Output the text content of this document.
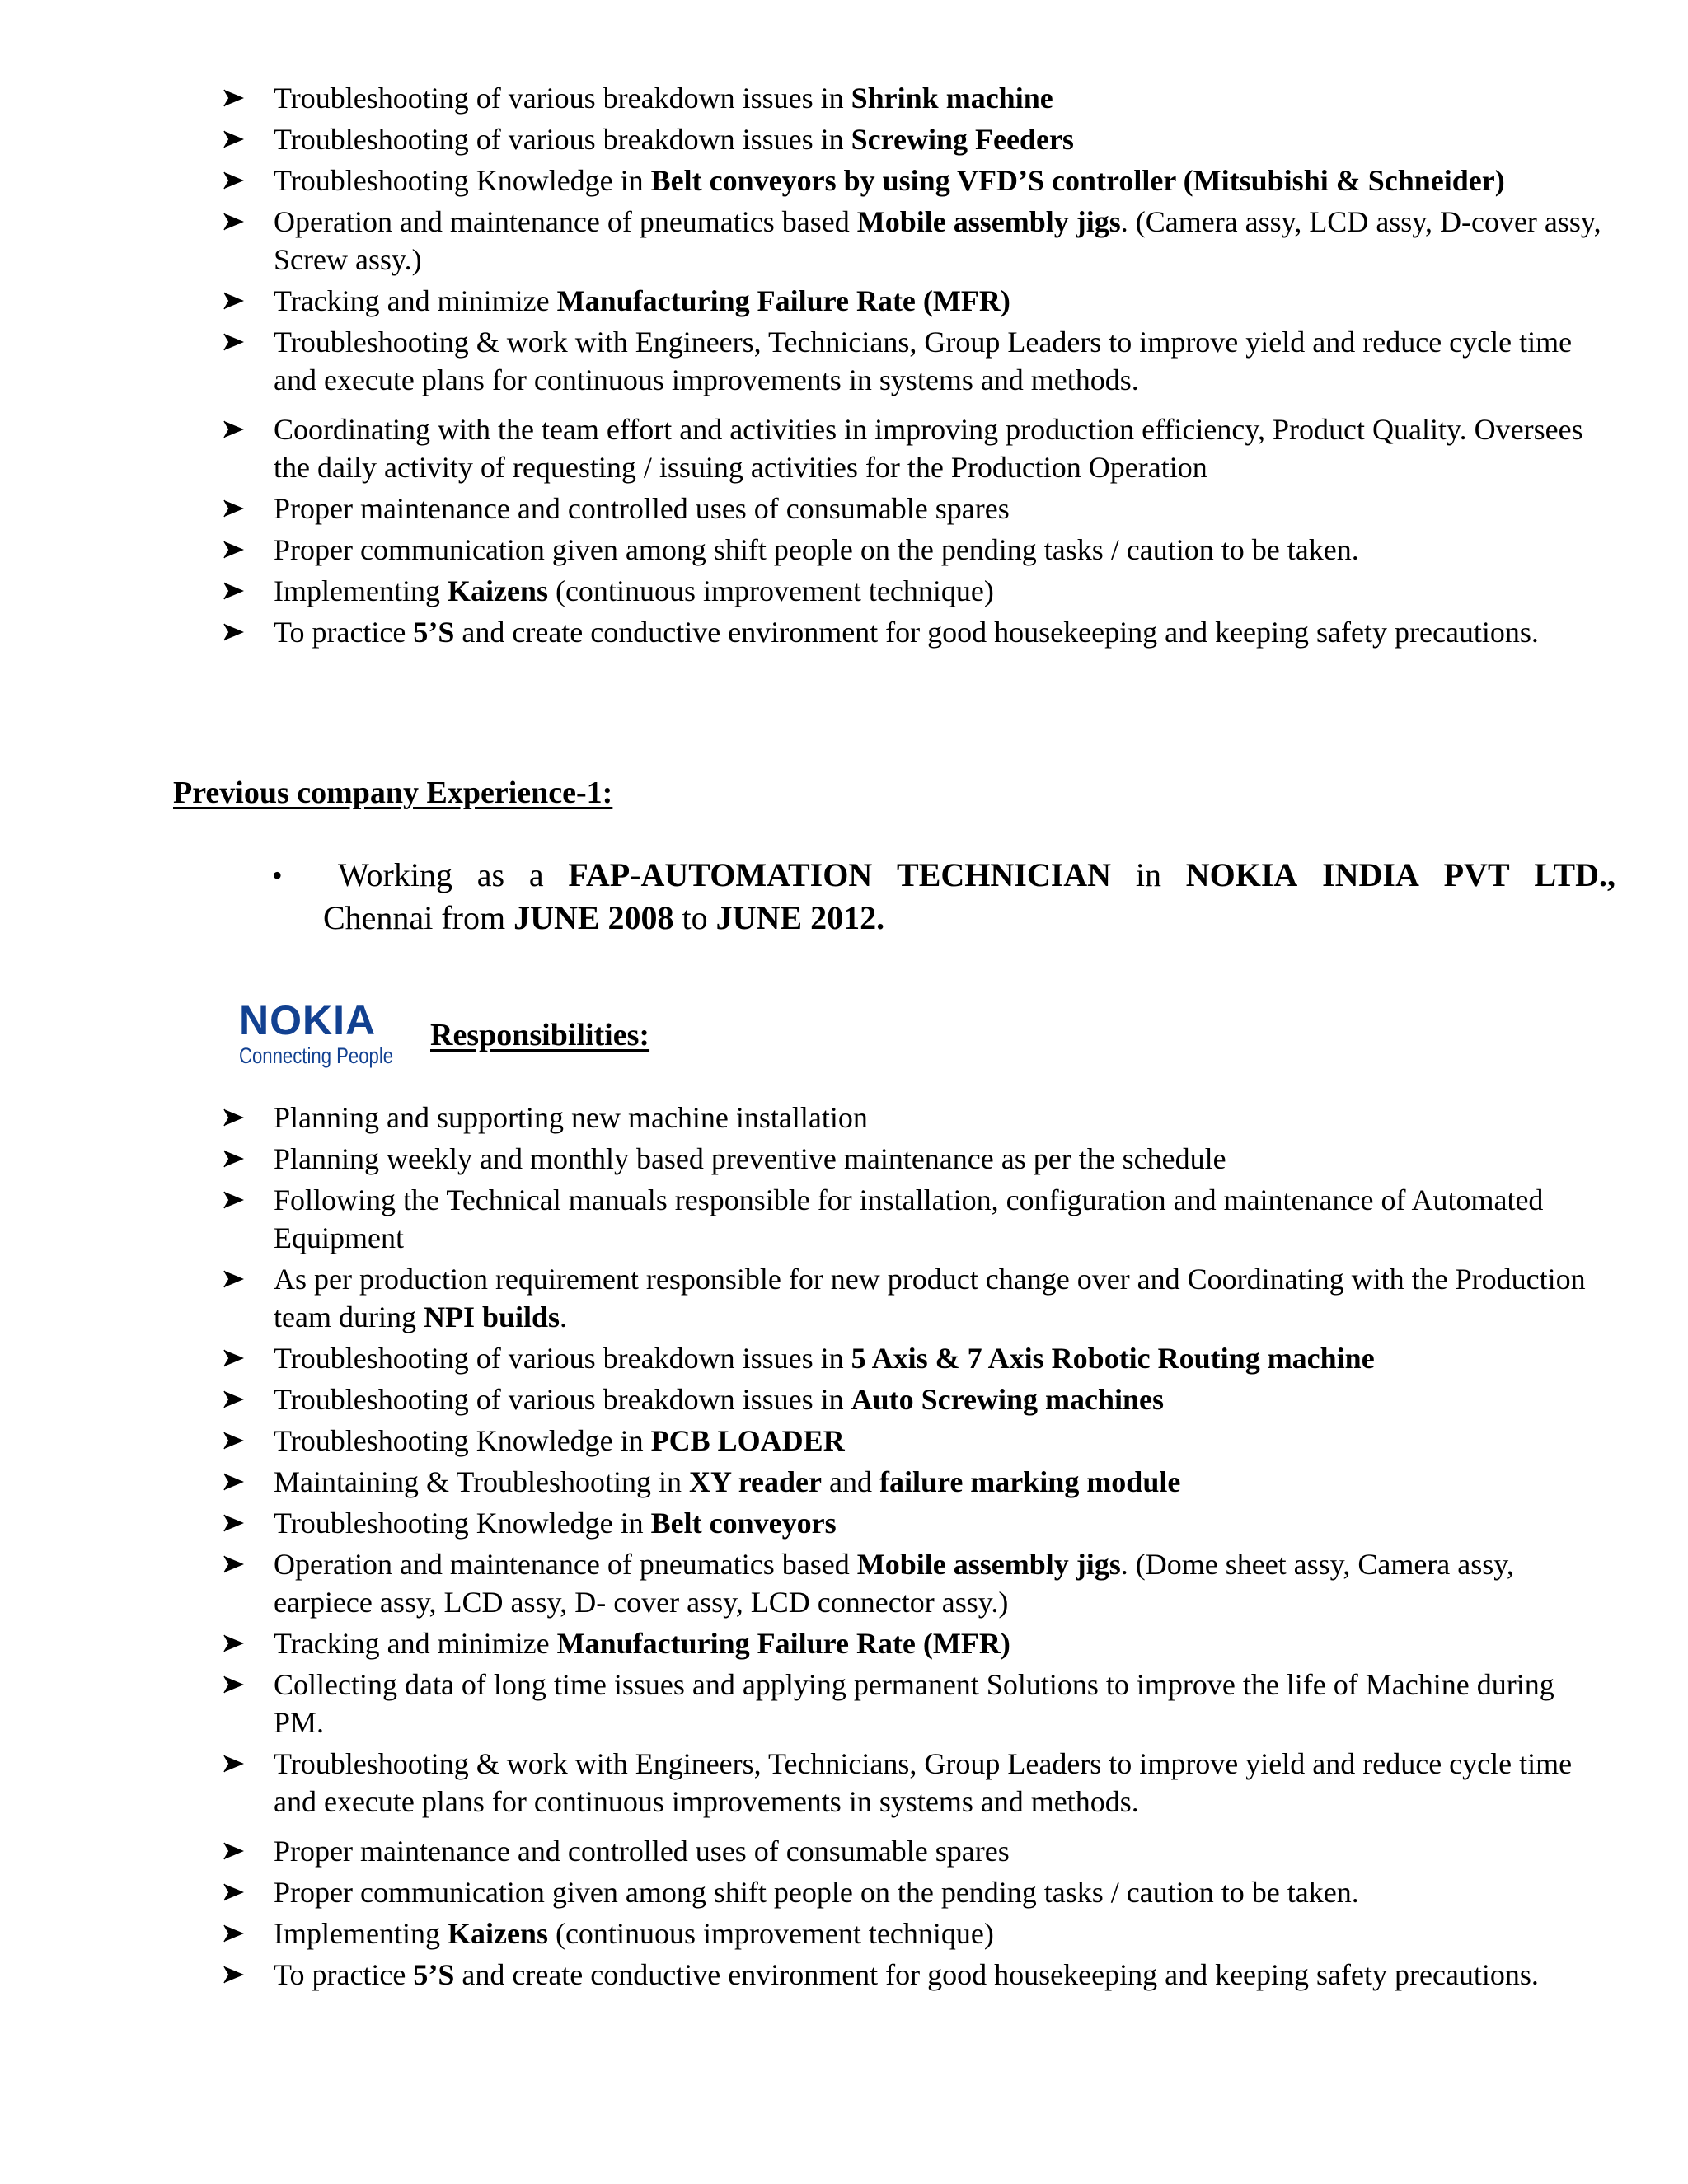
Troubleshooting of various breakdown issues in Shrink machine
Troubleshooting of various breakdown issues in Screwing Feeders
Troubleshooting Knowledge in Belt conveyors by using VFD’S controller (Mitsubishi & Schneider)
Operation and maintenance of pneumatics based Mobile assembly jigs. (Camera assy, LCD assy, D-cover assy, Screw assy.)
Tracking and minimize Manufacturing Failure Rate (MFR)
Troubleshooting & work with Engineers, Technicians, Group Leaders to improve yield and reduce cycle time and execute plans for continuous improvements in systems and methods.
Coordinating with the team effort and activities in improving production efficiency, Product Quality. Oversees the daily activity of requesting / issuing activities for the Production Operation
Proper maintenance and controlled uses of consumable spares
Proper communication given among shift people on the pending tasks / caution to be taken.
Implementing Kaizens (continuous improvement technique)
To practice 5’S and create conductive environment for good housekeeping and keeping safety precautions.
Previous company Experience-1:
•	Working as a FAP-AUTOMATION TECHNICIAN in NOKIA INDIA PVT LTD.,
Chennai from JUNE 2008 to JUNE 2012.
NOKIA
Connecting People
Responsibilities:
Planning and supporting new machine installation
Planning weekly and monthly based preventive maintenance as per the schedule
Following the Technical manuals responsible for installation, configuration and maintenance of Automated Equipment
As per production requirement responsible for new product change over and Coordinating with the Production team during NPI builds.
Troubleshooting of various breakdown issues in 5 Axis & 7 Axis Robotic Routing machine
Troubleshooting of various breakdown issues in Auto Screwing machines
Troubleshooting Knowledge in PCB LOADER
Maintaining & Troubleshooting in XY reader and failure marking module
Troubleshooting Knowledge in Belt conveyors
Operation and maintenance of pneumatics based Mobile assembly jigs. (Dome sheet assy, Camera assy, earpiece assy, LCD assy, D- cover assy, LCD connector assy.)
Tracking and minimize Manufacturing Failure Rate (MFR)
Collecting data of long time issues and applying permanent Solutions to improve the life of Machine during PM.
Troubleshooting & work with Engineers, Technicians, Group Leaders to improve yield and reduce cycle time and execute plans for continuous improvements in systems and methods.
Proper maintenance and controlled uses of consumable spares
Proper communication given among shift people on the pending tasks / caution to be taken.
Implementing Kaizens (continuous improvement technique)
To practice 5’S and create conductive environment for good housekeeping and keeping safety precautions.
